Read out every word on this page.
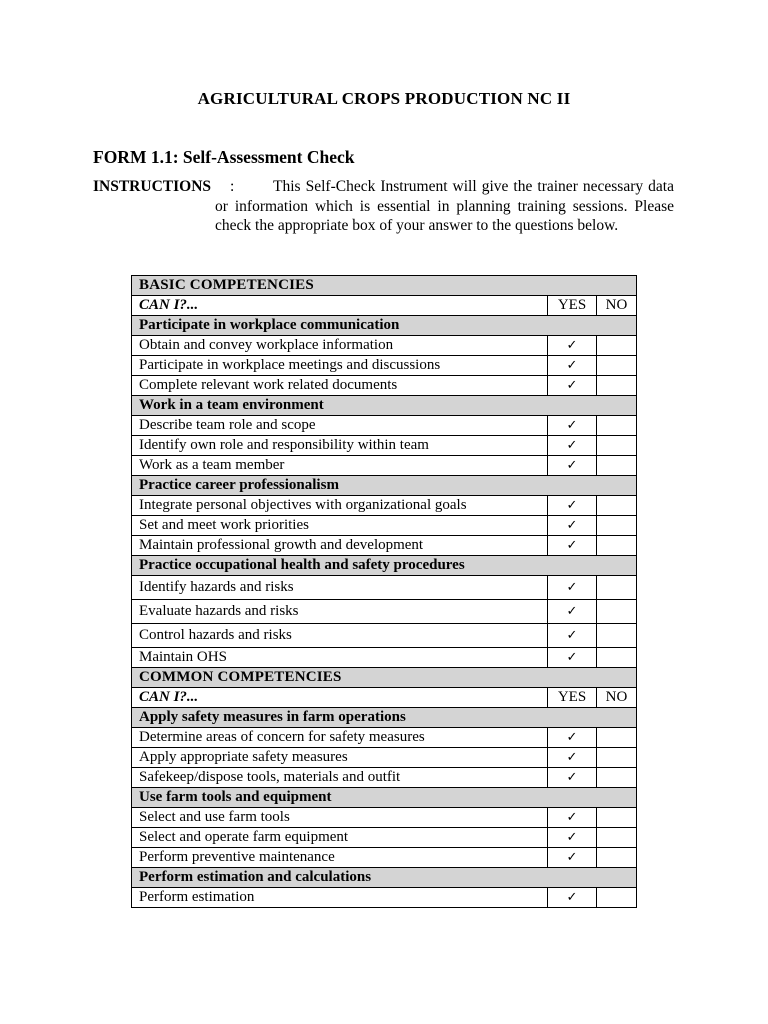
AGRICULTURAL CROPS PRODUCTION NC II
FORM 1.1: Self-Assessment Check
INSTRUCTIONS :	This Self-Check Instrument will give the trainer necessary data or information which is essential in planning training sessions. Please check the appropriate box of your answer to the questions below.
BASIC COMPETENCIES		
CAN I?...	YES	NO
Participate in workplace communication		
Obtain and convey workplace information	✓	
Participate in workplace meetings and discussions	✓	
Complete relevant work related documents	✓	
Work in a team environment		
Describe team role and scope	✓	
Identify own role and responsibility within team	✓	
Work as a team member	✓	
Practice career professionalism		
Integrate personal objectives with organizational goals	✓	
Set and meet work priorities	✓	
Maintain professional growth and development	✓	
Practice occupational health and safety procedures		
Identify hazards and risks	✓	
Evaluate hazards and risks	✓	
Control hazards and risks	✓	
Maintain OHS	✓	
COMMON COMPETENCIES		
CAN I?...	YES	NO
Apply safety measures in farm operations		
Determine areas of concern for safety measures	✓	
Apply appropriate safety measures	✓	
Safekeep/dispose tools, materials and outfit	✓	
Use farm tools and equipment		
Select and use farm tools	✓	
Select and operate farm equipment	✓	
Perform preventive maintenance	✓	
Perform estimation and calculations		
Perform estimation	✓	
